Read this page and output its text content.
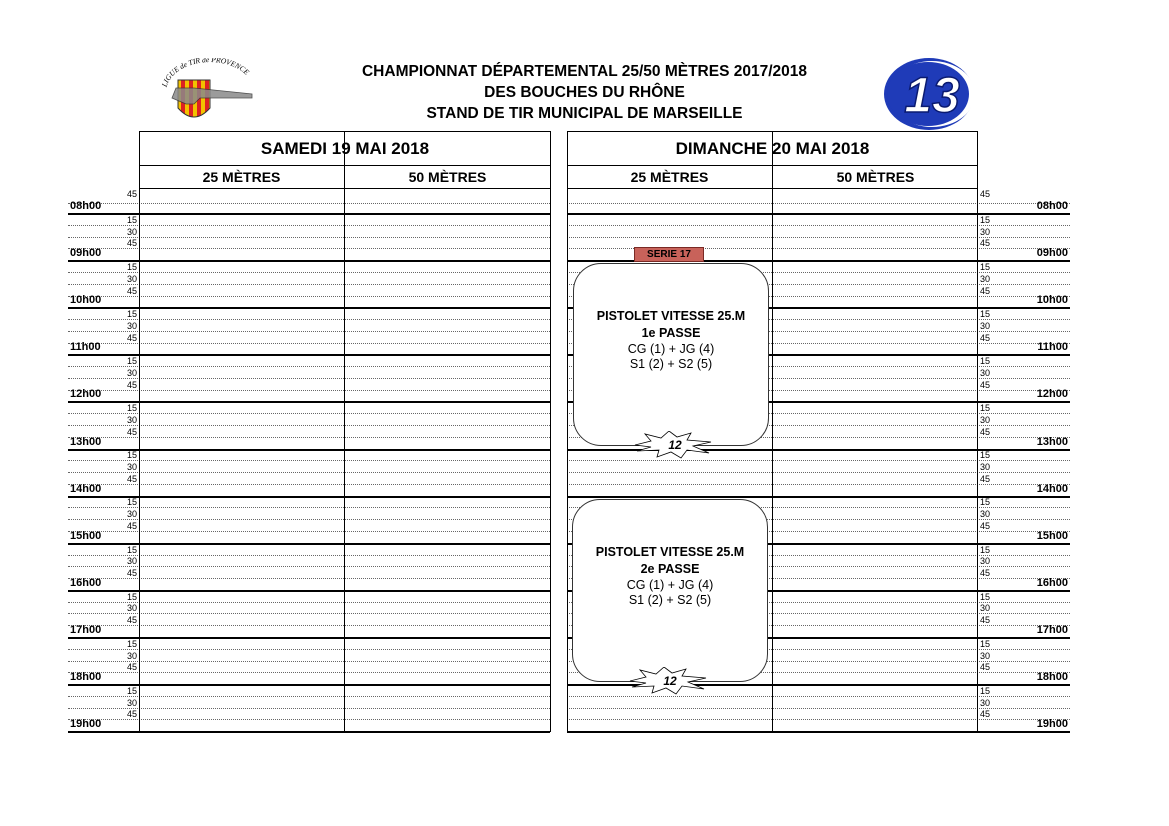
CHAMPIONNAT DÉPARTEMENTAL 25/50 MÈTRES 2017/2018
DES BOUCHES DU RHÔNE
STAND DE TIR MUNICIPAL DE MARSEILLE
LIGUE de TIR de PROVENCE	13
SAMEDI 19 MAI 2018	DIMANCHE 20 MAI 2018
25 MÈTRES	50 MÈTRES	25 MÈTRES	50 MÈTRES
45	45
08h00	08h00
15	15
30	30
45	45
09h00	09h00
15	15
30	30
45	45
10h00	10h00
15	15
30	30
45	45
11h00	11h00
15	15
30	30
45	45
12h00	12h00
15	15
30	30
45	45
13h00	13h00
15	15
30	30
45	45
14h00	14h00
15	15
30	30
45	45
15h00	15h00
15	15
30	30
45	45
16h00	16h00
15	15
30	30
45	45
17h00	17h00
15	15
30	30
45	45
18h00	18h00
15	15
30	30
45	45
19h00	19h00
SERIE 17
PISTOLET VITESSE 25.M
1e PASSE
CG (1) + JG (4)
S1 (2) + S2 (5)
12
PISTOLET VITESSE 25.M
2e PASSE
CG (1) + JG (4)
S1 (2) + S2 (5)
12
